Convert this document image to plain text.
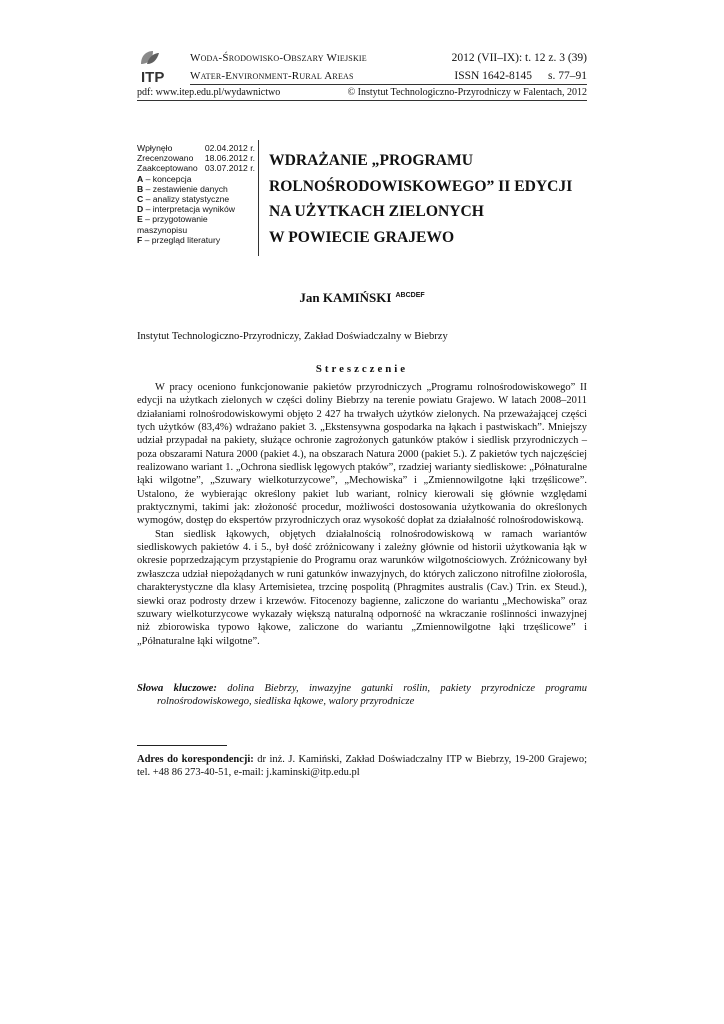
ITP
Woda-Środowisko-Obszary Wiejskie
Water-Environment-Rural Areas
2012 (VII–IX): t. 12 z. 3 (39)
ISSN 1642-8145 s. 77–91
pdf: www.itep.edu.pl/wydawnictwo	© Instytut Technologiczno-Przyrodniczy w Falentach, 2012
Wpłynęło	02.04.2012 r.
Zrecenzowano 18.06.2012 r.
Zaakceptowano 03.07.2012 r.
A – koncepcja
B – zestawienie danych
C – analizy statystyczne
D – interpretacja wyników
E – przygotowanie maszynopisu
F – przegląd literatury
WDRAŻANIE „PROGRAMU
ROLNOŚRODOWISKOWEGO” II EDYCJI
NA UŻYTKACH ZIELONYCH
W POWIECIE GRAJEWO
Jan KAMIŃSKI $^{ABCDEF}$
Instytut Technologiczno-Przyrodniczy, Zakład Doświadczalny w Biebrzy
Streszczenie

W pracy oceniono funkcjonowanie pakietów przyrodniczych „Programu rolnośrodowiskowego” II edycji na użytkach zielonych w części doliny Biebrzy na terenie powiatu Grajewo. W latach 2008–2011 działaniami rolnośrodowiskowymi objęto 2 427 ha trwałych użytków zielonych. Na przeważającej części tych użytków (83,4%) wdrażano pakiet 3. „Ekstensywna gospodarka na łąkach i pastwiskach”. Mniejszy udział przypadał na pakiety, służące ochronie zagrożonych gatunków ptaków i siedlisk przyrodniczych – poza obszarami Natura 2000 (pakiet 4.), na obszarach Natura 2000 (pakiet 5.). Z pakietów tych najczęściej realizowano wariant 1. „Ochrona siedlisk lęgowych ptaków”, rzadziej warianty siedliskowe: „Półnaturalne łąki wilgotne”, „Szuwary wielkoturzycowe”, „Mechowiska” i „Zmiennowilgotne łąki trzęślicowe”. Ustalono, że wybierając określony pakiet lub wariant, rolnicy kierowali się głównie względami praktycznymi, takimi jak: złożoność procedur, możliwości dostosowania użytkowania do określonych wymogów, dostęp do ekspertów przyrodniczych oraz wysokość dopłat za działalność rolnośrodowiskową.

Stan siedlisk łąkowych, objętych działalnością rolnośrodowiskową w ramach wariantów siedliskowych pakietów 4. i 5., był dość zróżnicowany i zależny głównie od historii użytkowania łąk w okresie poprzedzającym przystąpienie do Programu oraz warunków wilgotnościowych. Zróżnicowany był zwłaszcza udział niepożądanych w runi gatunków inwazyjnych, do których zaliczono nitrofilne ziołorośla, charakterystyczne dla klasy Artemisietea, trzcinę pospolitą (Phragmites australis (Cav.) Trin. ex Steud.), siewki oraz podrosty drzew i krzewów. Fitocenozy bagienne, zaliczone do wariantu „Mechowiska” oraz szuwary wielkoturzycowe wykazały większą naturalną odporność na wkraczanie roślinności inwazyjnej niż zbiorowiska typowo łąkowe, zaliczone do wariantu „Zmiennowilgotne łąki trzęślicowe” i „Półnaturalne łąki wilgotne”.

Słowa kluczowe: dolina Biebrzy, inwazyjne gatunki roślin, pakiety przyrodnicze programu rolnośrodowiskowego, siedliska łąkowe, walory przyrodnicze
Adres do korespondencji: dr inż. J. Kamiński, Zakład Doświadczalny ITP w Biebrzy, 19-200 Grajewo; tel. +48 86 273-40-51, e-mail: j.kaminski@itp.edu.pl
